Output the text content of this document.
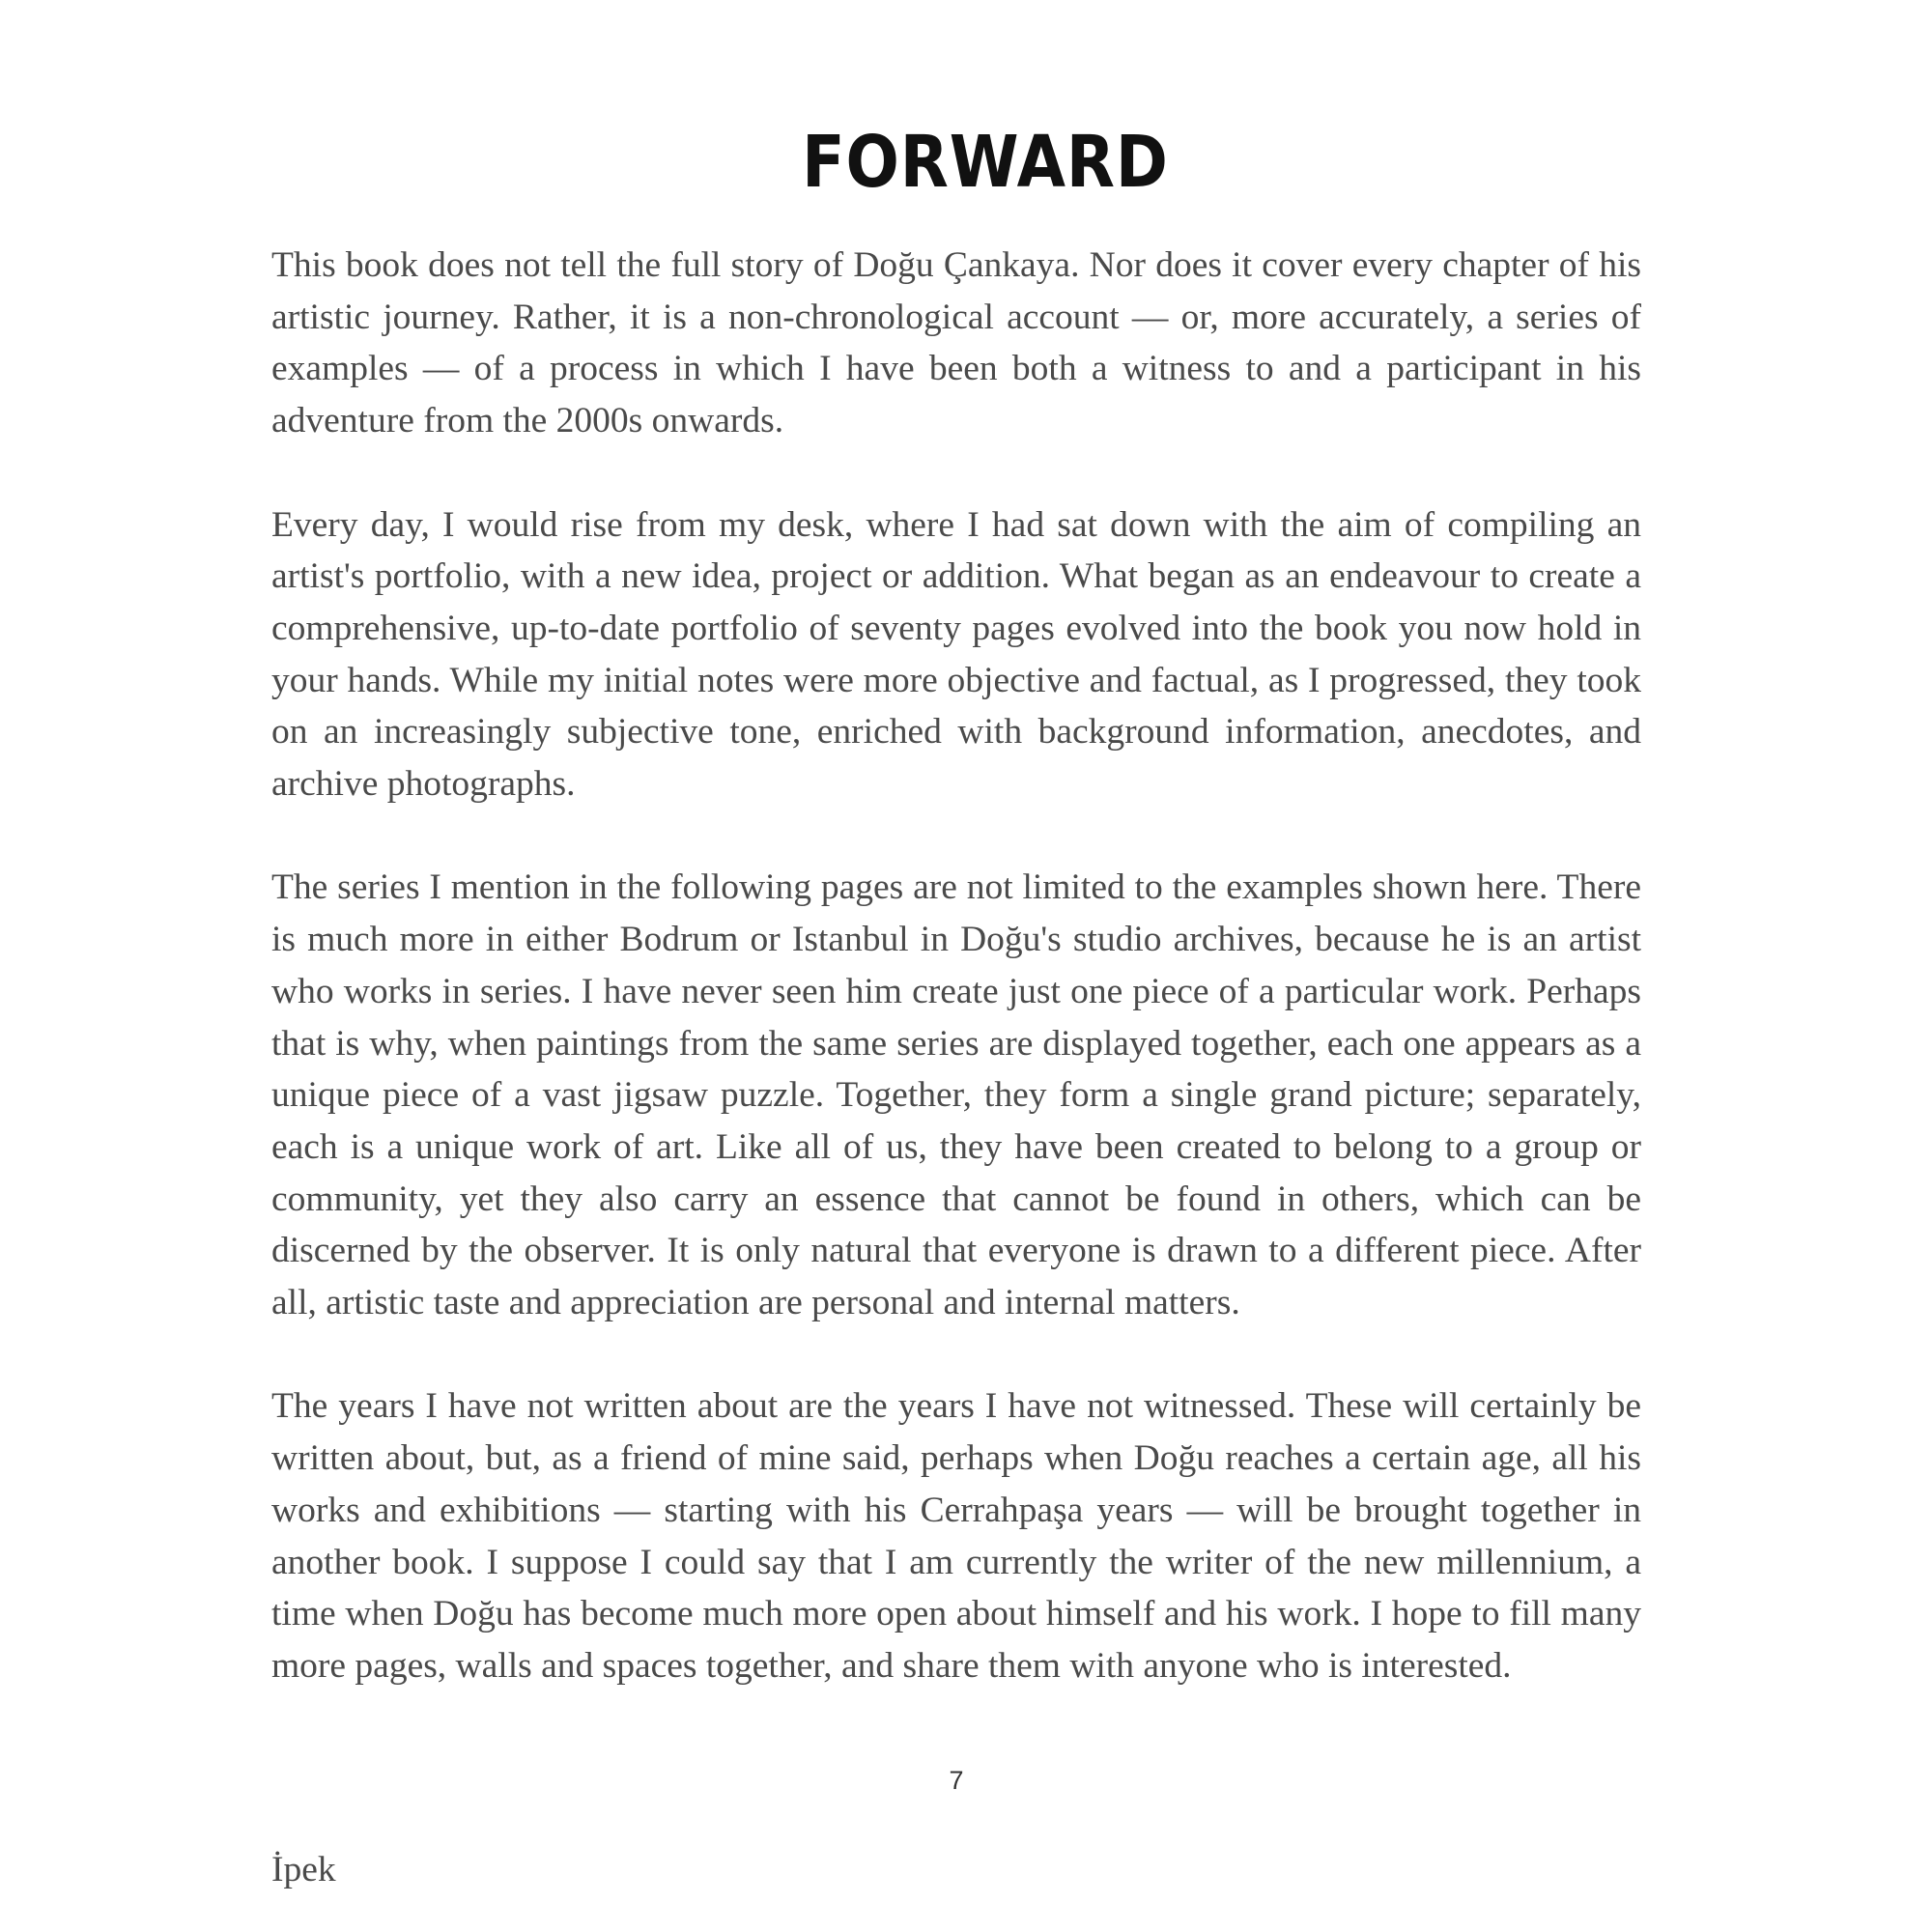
FORWARD

This book does not tell the full story of Doğu Çankaya. Nor does it cover every chapter of his artistic journey. Rather, it is a non-chronological account — or, more accurately, a series of examples — of a process in which I have been both a witness to and a participant in his adventure from the 2000s onwards.

Every day, I would rise from my desk, where I had sat down with the aim of compiling an artist's portfolio, with a new idea, project or addition. What began as an endeavour to create a comprehensive, up-to-date portfolio of seventy pages evolved into the book you now hold in your hands. While my initial notes were more objective and factual, as I progressed, they took on an increasingly subjective tone, enriched with background information, anecdotes, and archive photographs.

The series I mention in the following pages are not limited to the examples shown here. There is much more in either Bodrum or Istanbul in Doğu's studio archives, because he is an artist who works in series. I have never seen him create just one piece of a particular work. Perhaps that is why, when paintings from the same series are displayed together, each one appears as a unique piece of a vast jigsaw puzzle. Together, they form a single grand picture; separately, each is a unique work of art. Like all of us, they have been created to belong to a group or community, yet they also carry an essence that cannot be found in others, which can be discerned by the observer. It is only natural that everyone is drawn to a different piece. After all, artistic taste and appreciation are personal and internal matters.

The years I have not written about are the years I have not witnessed. These will certainly be written about, but, as a friend of mine said, perhaps when Doğu reaches a certain age, all his works and exhibitions — starting with his Cerrahpaşa years — will be brought together in another book. I suppose I could say that I am currently the writer of the new millennium, a time when Doğu has become much more open about himself and his work. I hope to fill many more pages, walls and spaces together, and share them with anyone who is interested.

7
İpek
